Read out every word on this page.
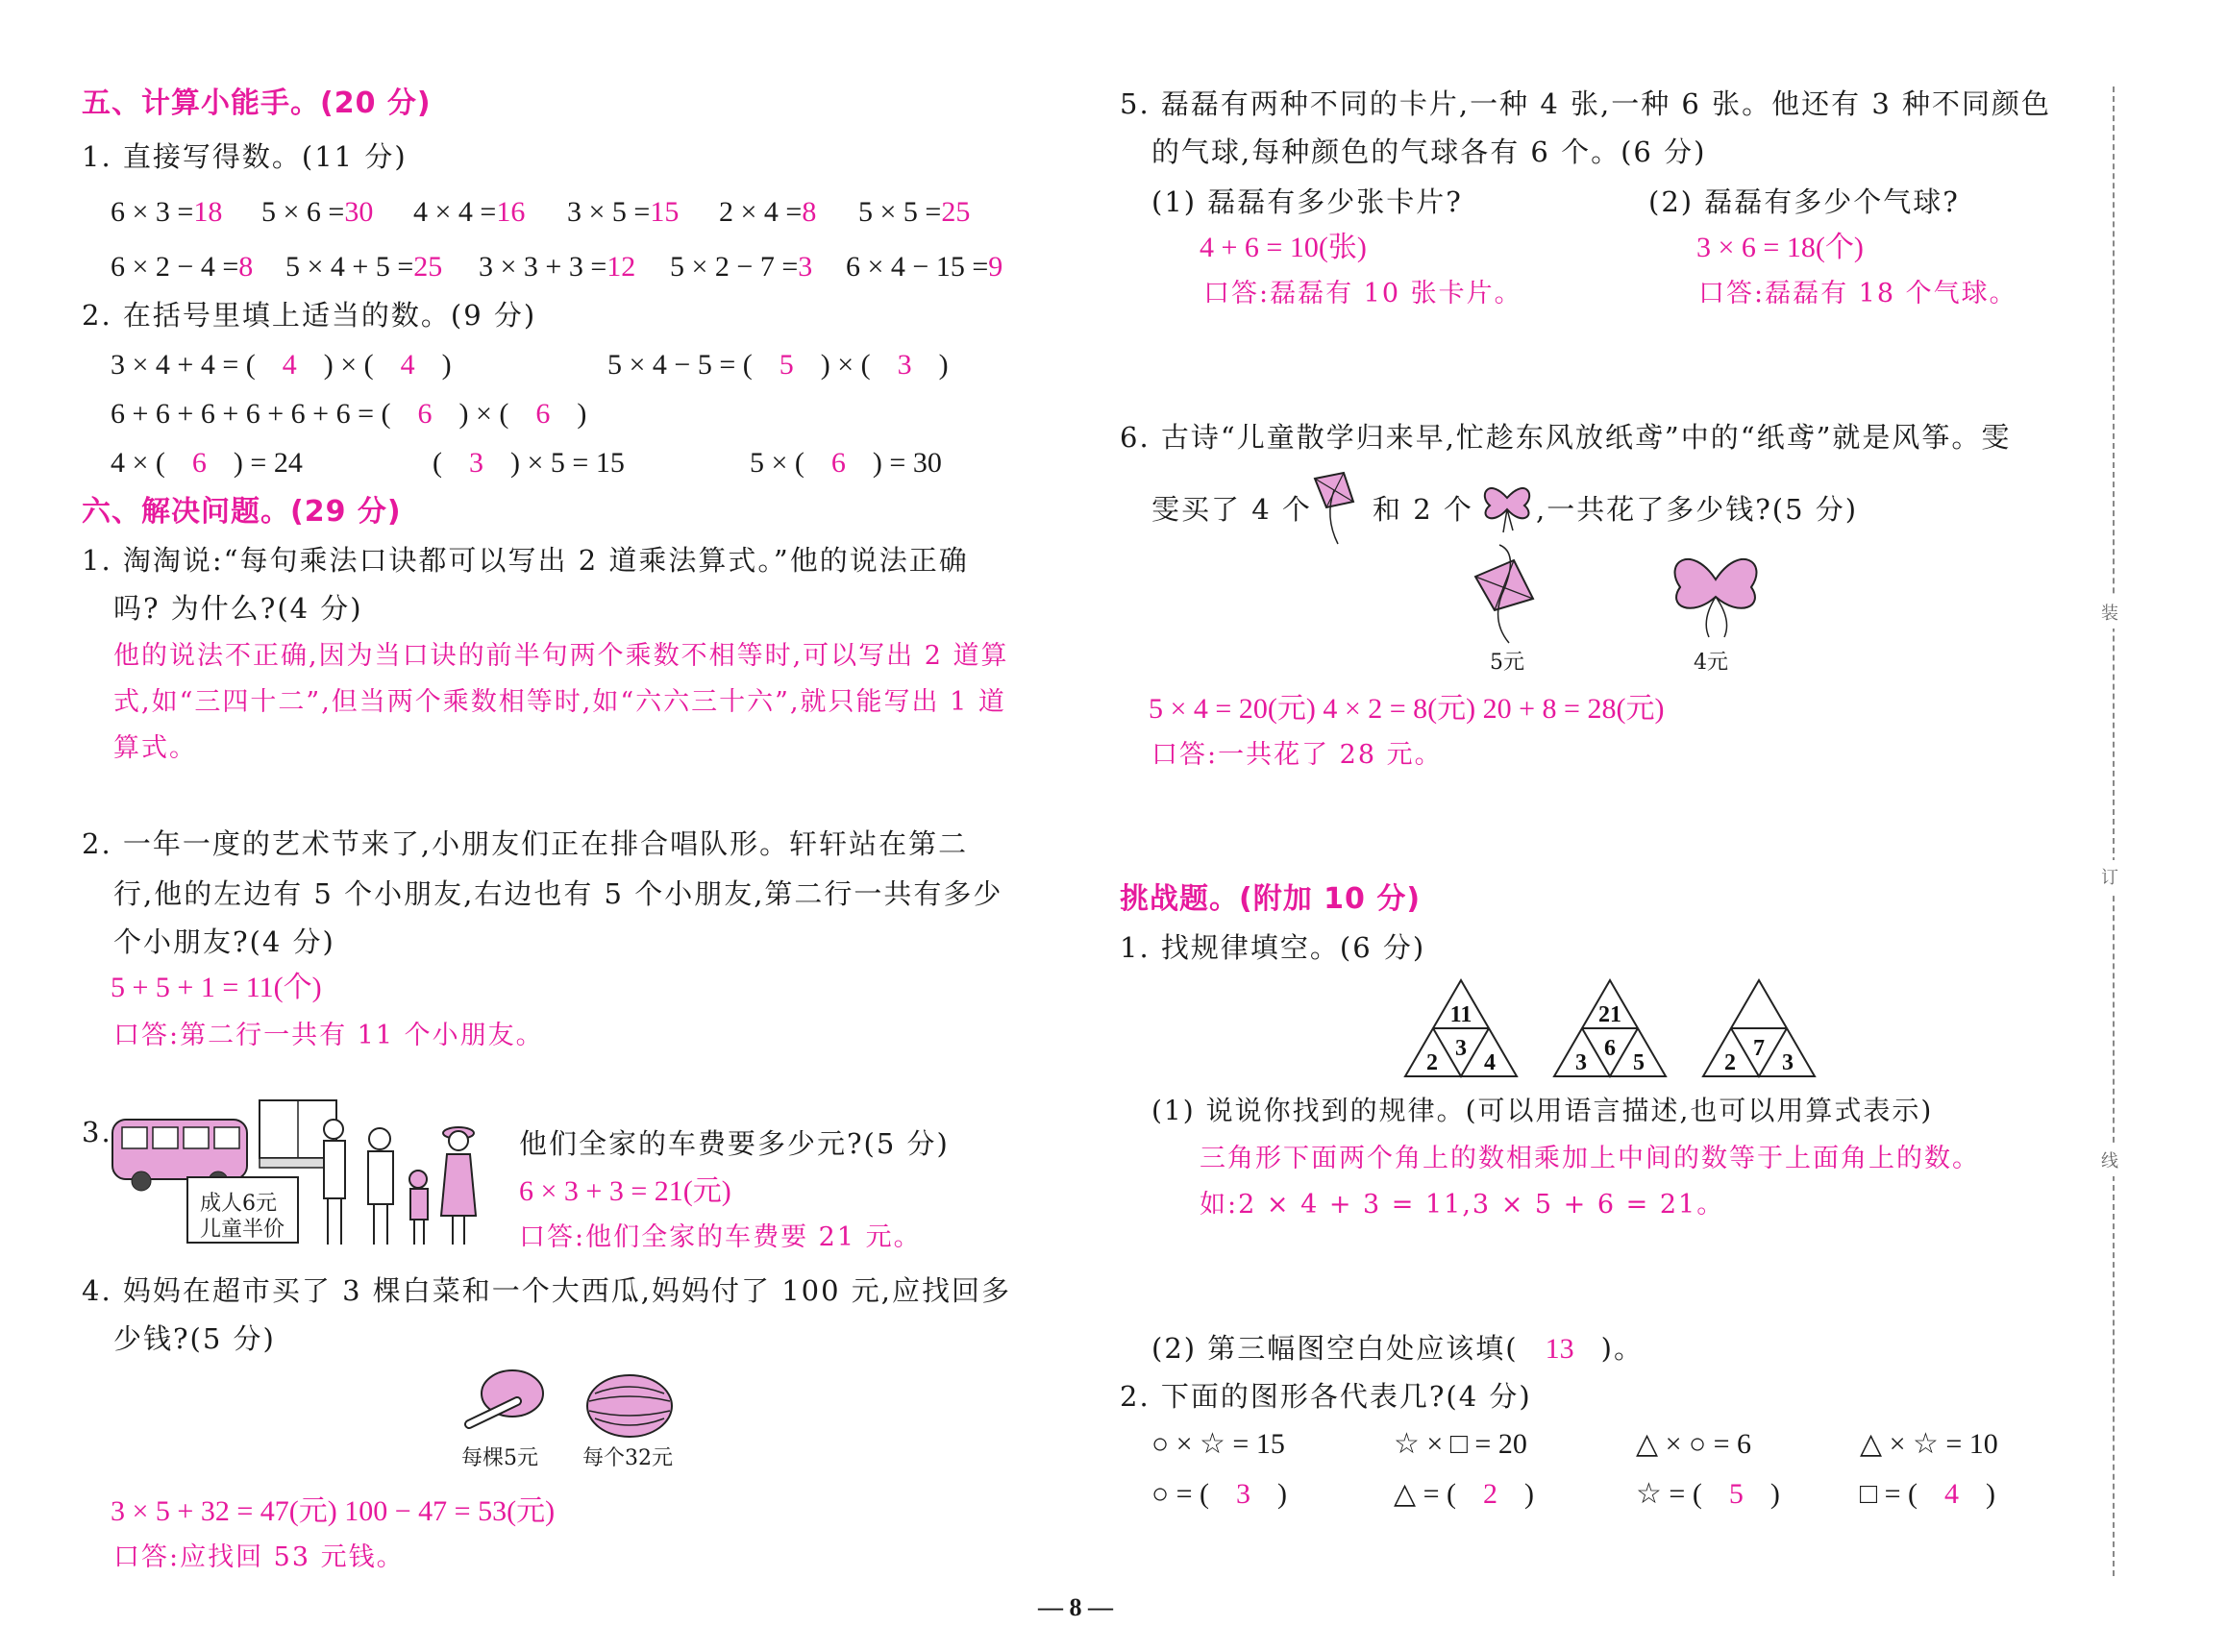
五、计算小能手。(20 分)
1. 直接写得数。(11 分)
6 × 3 =18 5 × 6 =30 4 × 4 =16 3 × 5 =15 2 × 4 =8 5 × 5 =25
6 × 2 − 4 =8 5 × 4 + 5 =25 3 × 3 + 3 =12 5 × 2 − 7 =3 6 × 4 − 15 =9
2. 在括号里填上适当的数。(9 分)
3 × 4 + 4 = ( 4 ) × ( 4 )	5 × 4 − 5 = ( 5 ) × ( 3 )
6 + 6 + 6 + 6 + 6 + 6 = ( 6 ) × ( 6 )
4 × ( 6 ) = 24	( 3 ) × 5 = 15	5 × ( 6 ) = 30
六、解决问题。(29 分)
1. 淘淘说:“每句乘法口诀都可以写出 2 道乘法算式。”他的说法正确
吗? 为什么?(4 分)
他的说法不正确,因为当口诀的前半句两个乘数不相等时,可以写出 2 道算
式,如“三四十二”,但当两个乘数相等时,如“六六三十六”,就只能写出 1 道
算式。
2. 一年一度的艺术节来了,小朋友们正在排合唱队形。轩轩站在第二
行,他的左边有 5 个小朋友,右边也有 5 个小朋友,第二行一共有多少
个小朋友?(4 分)
5 + 5 + 1 = 11(个)
口答:第二行一共有 11 个小朋友。
3.
成人6元
儿童半价
他们全家的车费要多少元?(5 分)
6 × 3 + 3 = 21(元)
口答:他们全家的车费要 21 元。
4. 妈妈在超市买了 3 棵白菜和一个大西瓜,妈妈付了 100 元,应找回多
少钱?(5 分)
每棵5元 每个32元
3 × 5 + 32 = 47(元) 100 − 47 = 53(元)
口答:应找回 53 元钱。
5. 磊磊有两种不同的卡片,一种 4 张,一种 6 张。他还有 3 种不同颜色
的气球,每种颜色的气球各有 6 个。(6 分)
(1) 磊磊有多少张卡片?	(2) 磊磊有多少个气球?
4 + 6 = 10(张)	3 × 6 = 18(个)
口答:磊磊有 10 张卡片。	口答:磊磊有 18 个气球。
6. 古诗“儿童散学归来早,忙趁东风放纸鸢”中的“纸鸢”就是风筝。雯
雯买了 4 个 和 2 个 ,一共花了多少钱?(5 分)
5元	4元
5 × 4 = 20(元) 4 × 2 = 8(元) 20 + 8 = 28(元)
口答:一共花了 28 元。
挑战题。(附加 10 分)
1. 找规律填空。(6 分)
11
3
2 4
21
6
3 5
7
2 3
(1) 说说你找到的规律。(可以用语言描述,也可以用算式表示)
三角形下面两个角上的数相乘加上中间的数等于上面角上的数。
如:2 × 4 + 3 = 11,3 × 5 + 6 = 21。
(2) 第三幅图空白处应该填( 13 )。
2. 下面的图形各代表几?(4 分)
○ × ☆ = 15	☆ × □ = 20	△ × ○ = 6	△ × ☆ = 10
○ = ( 3 )	△ = ( 2 )	☆ = ( 5 )	□ = ( 4 )
装
订
线
— 8 —
